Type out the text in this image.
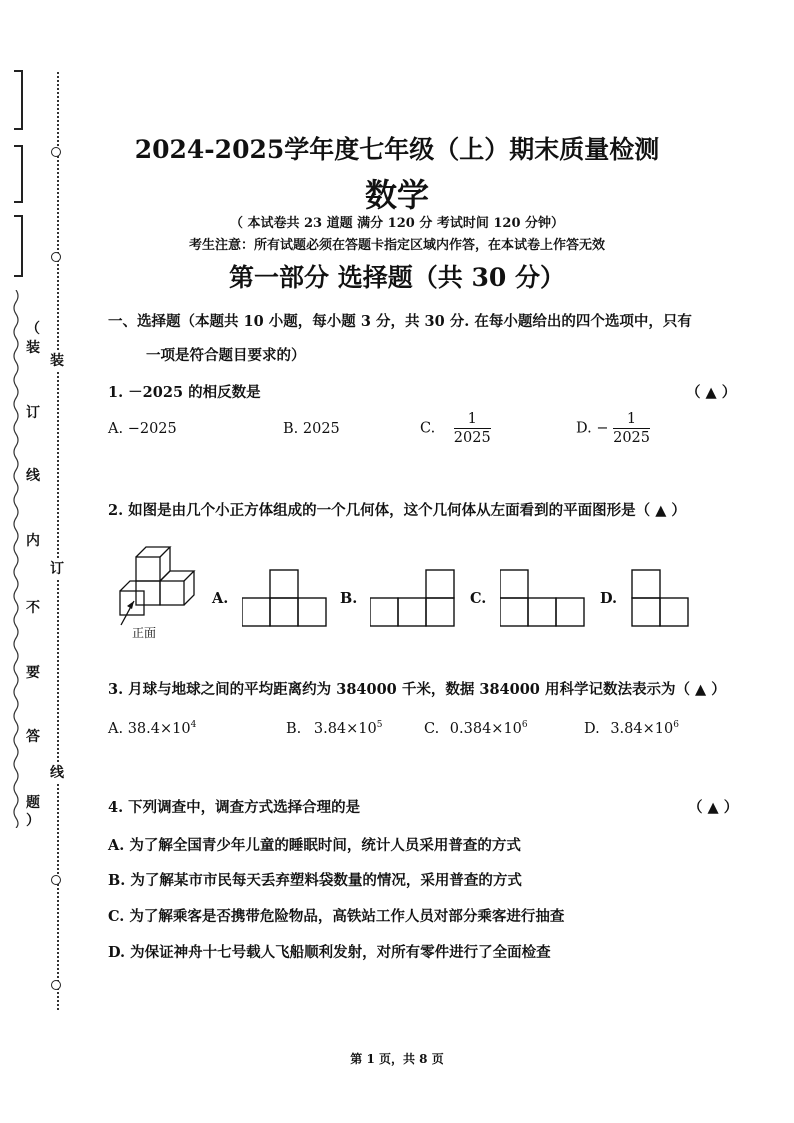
（
装
订
线
内
不
要
答
题
）
装
订
线
2024-2025学年度七年级（上）期末质量检测
数学
（ 本试卷共 23 道题 满分 120 分 考试时间 120 分钟）
考生注意：所有试题必须在答题卡指定区域内作答，在本试卷上作答无效
第一部分 选择题（共 30 分）
一、选择题（本题共 10 小题，每小题 3 分，共 30 分. 在每小题给出的四个选项中，只有
一项是符合题目要求的）
1. －2025 的相反数是	（ ▲ ）
A. −2025	B. 2025	C. $\frac{1}{2025}$	D. − $\frac{1}{2025}$
2. 如图是由几个小正方体组成的一个几何体，这个几何体从左面看到的平面图形是（ ▲ ）
正面
A.	B.	C.	D.
3. 月球与地球之间的平均距离约为 384000 千米，数据 384000 用科学记数法表示为（ ▲ ）
A. $38.4\times 10^4$	B. $3.84\times 10^5$	C. $0.384\times 10^6$	D. $3.84\times 10^6$
4. 下列调查中，调查方式选择合理的是	（ ▲ ）
A. 为了解全国青少年儿童的睡眠时间，统计人员采用普查的方式
B. 为了解某市市民每天丢弃塑料袋数量的情况，采用普查的方式
C. 为了解乘客是否携带危险物品，高铁站工作人员对部分乘客进行抽查
D. 为保证神舟十七号载人飞船顺利发射，对所有零件进行了全面检查
第 1 页，共 8 页
